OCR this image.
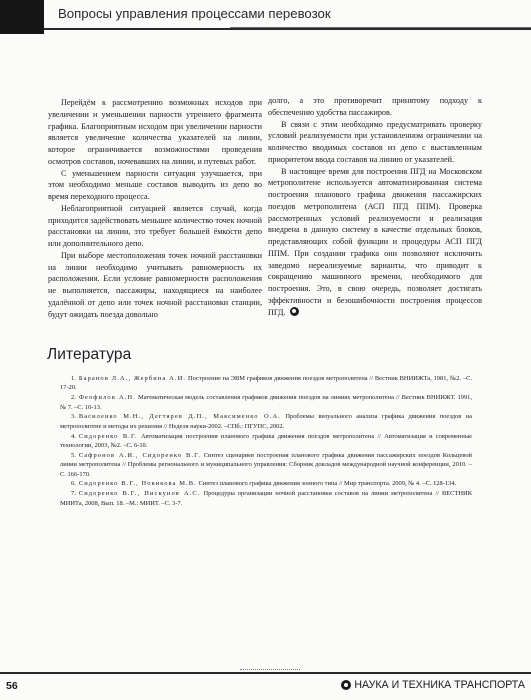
Вопросы управления процессами перевозок

Перейдём к рассмотрению возможных исходов при увеличении и уменьшении парности утреннего фрагмента графика. Благоприятным исходом при увеличении парности является увеличение количества указателей на линии, которое ограничивается возможностями проведения осмотров составов, ночевавших на линии, и путевых работ.

С уменьшением парности ситуация улучшается, при этом необходимо меньше составов выводить из депо во время переходного процесса.

Неблагоприятной ситуацией является случай, когда приходится задействовать меньшее количество точек ночной расстановки на линии, это требует большей ёмкости депо или дополнительного депо.

При выборе местоположения точек ночной расстановки на линии необходимо учитывать равномерность их расположения. Если условие равномерности расположения не выполняется, пассажиры, находящиеся на наиболее удалённой от депо или точек ночной расстановки станции, будут ожидать поезда довольно

долго, а это противоречит принятому подходу к обеспечению удобства пассажиров.

В связи с этим необходимо предусматривать проверку условий реализуемости при установленном ограничении на количество вводимых составов из депо с выставленным приоритетом ввода составов на линию от указателей.

В настоящее время для построения ПГД на Московском метрополитене используется автоматизированная система построения планового графика движения пассажирских поездов метрополитена (АСП ПГД ППМ). Проверка рассмотренных условий реализуемости и реализация внедрена в данную систему в качестве отдельных блоков, представляющих собой функции и процедуры АСП ПГД ППМ. При создании графика они позволяют исключить заведомо нереализуемые варианты, что приводит к сокращению машинного времени, необходимого для построения. Это, в свою очередь, позволяет достигать эффективности и безошибочности построения процессов ПГД.

Литература

1. Баранов Л.А., Жербина А.И. Построение на ЭВМ графиков движения поездов метрополитена // Вестник ВНИИЖТа, 1981, №2. –С. 17-20.

2. Феофилов А.Н. Математическая модель составления графиков движения поездов на линиях метрополитена // Вестник ВНИИЖТ. 1991, № 7. –С. 10-13.

3. Василенко М.Н., Дегтярев Д.П., Максименко О.А. Проблемы визуального анализа графика движения поездов на метрополитене и методы их решения // Неделя науки-2002. –СПб.: ПГУПС, 2002.

4. Сидоренко В.Г. Автоматизация построения планового графика движения поездов метрополитена // Автоматизация и современные технологии, 2003, №2. –С. 6-10.

5. Сафронов А.И., Сидоренко В.Г. Синтез сценариев построения планового графика движения пассажирских поездов Кольцевой линии метрополитена // Проблемы регионального и муниципального управления: Сборник докладов международной научной конференции, 2010. –С. 166-170.

6. Сидоренко В.Г., Новикова М.В. Синтез планового графика движения зонного типа // Мир транспорта. 2009, № 4. –С. 128-134.

7. Сидоренко В.Г., Пискунов А.С. Процедуры организации ночной расстановки составов на линии метрополитена // ВЕСТНИК МИИТа, 2008, Вып. 18. –М.: МИИТ. –С. 3-7.

56	НАУКА И ТЕХНИКА ТРАНСПОРТА
